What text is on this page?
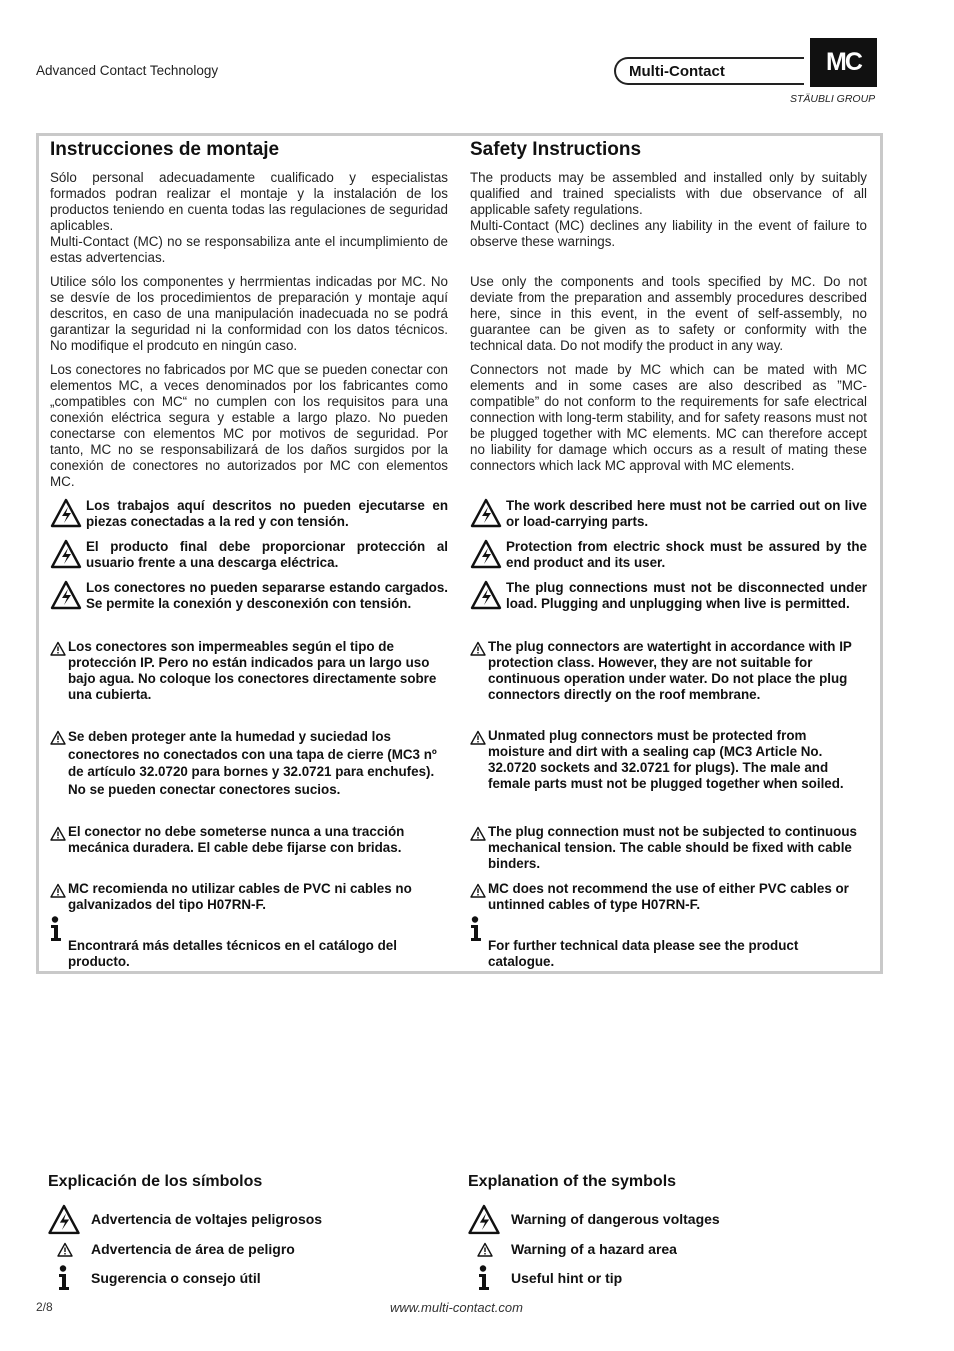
Advanced Contact Technology	Multi-Contact	MC
STÄUBLI GROUP
Instrucciones de montaje
Sólo personal adecuadamente cualificado y especialistas formados podran realizar el montaje y la instalación de los productos teniendo en cuenta todas las regulaciones de seguridad aplicables.
Multi-Contact (MC) no se responsabiliza ante el incumplimiento de estas advertencias.
Utilice sólo los componentes y herrmientas indicadas por MC. No se desvíe de los procedimientos de preparación y montaje aquí descritos, en caso de una manipulación inadecuada no se podrá garantizar la seguridad ni la conformidad con los datos técnicos. No modifique el prodcuto en ningún caso.
Los conectores no fabricados por MC que se pueden conectar con elementos MC, a veces denominados por los fabricantes como „compatibles con MC“ no cumplen con los requisitos para una conexión eléctrica segura y estable a largo plazo. No pueden conectarse con elementos MC por motivos de seguridad. Por tanto, MC no se responsabilizará de los daños surgidos por la conexión de conectores no autorizados por MC con elementos MC.
Los trabajos aquí descritos no pueden ejecutarse en piezas conectadas a la red y con tensión.
El producto final debe proporcionar protección al usuario frente a una descarga eléctrica.
Los conectores no pueden separarse estando cargados. Se permite la conexión y desconexión con tensión.
Los conectores son impermeables según el tipo de protección IP. Pero no están indicados para un largo uso bajo agua. No coloque los conectores directamente sobre una cubierta.
Se deben proteger ante la humedad y suciedad los conectores no conectados con una tapa de cierre (MC3 nº de artículo 32.0720 para bornes y 32.0721 para enchufes). No se pueden conectar conectores sucios.
El conector no debe someterse nunca a una tracción mecánica duradera. El cable debe fijarse con bridas.
MC recomienda no utilizar cables de PVC ni cables no galvanizados del tipo H07RN-F.
Encontrará más detalles técnicos en el catálogo del producto.
Safety Instructions
The products may be assembled and installed only by suitably qualified and trained specialists with due observance of all applicable safety regulations.
Multi-Contact (MC) declines any liability in the event of failure to observe these warnings.
Use only the components and tools specified by MC. Do not deviate from the preparation and assembly procedures described here, since in this event, in the event of self-assembly, no guarantee can be given as to safety or conformity with the technical data. Do not modify the product in any way.
Connectors not made by MC which can be mated with MC elements and in some cases are also described as ”MC-compatible” do not conform to the requirements for safe electrical connection with long-term stability, and for safety reasons must not be plugged together with MC elements. MC can therefore accept no liability for damage which occurs as a result of mating these connectors which lack MC approval with MC elements.
The work described here must not be carried out on live or load-carrying parts.
Protection from electric shock must be assured by the end product and its user.
The plug connections must not be disconnected under load. Plugging and unplugging when live is permitted.
The plug connectors are watertight in accordance with IP protection class. However, they are not suitable for continuous operation under water. Do not place the plug connectors directly on the roof membrane.
Unmated plug connectors must be protected from moisture and dirt with a sealing cap (MC3 Article No. 32.0720 sockets and 32.0721 for plugs). The male and female parts must not be plugged together when soiled.
The plug connection must not be subjected to continuous mechanical tension. The cable should be fixed with cable binders.
MC does not recommend the use of either PVC cables or untinned cables of type H07RN-F.
For further technical data please see the product catalogue.
Explicación de los símbolos	Explanation of the symbols
Advertencia de voltajes peligrosos
Advertencia de área de peligro
Sugerencia o consejo útil
Warning of dangerous voltages
Warning of a hazard area
Useful hint or tip
2/8	www.multi-contact.com
